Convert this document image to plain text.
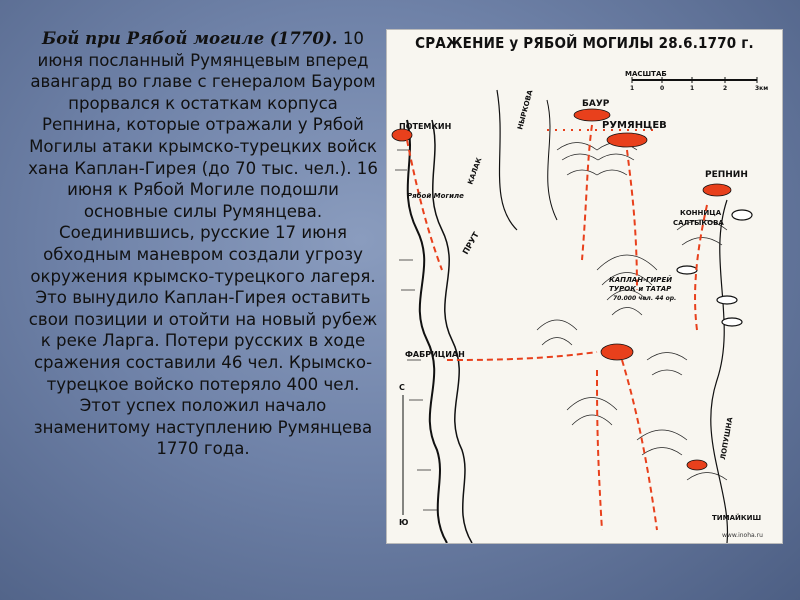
Бой при Рябой могиле (1770). 10 июня посланный Румянцевым вперед авангард во главе с генералом Бауром прорвался к остаткам корпуса Репнина, которые отражали у Рябой Могилы атаки крымско-турецких войск хана Каплан-Гирея (до 70 тыс. чел.). 16 июня к Рябой Могиле подошли основные силы Румянцева. Соединившись, русские 17 июня обходным маневром создали угрозу окружения крымско-турецкого лагеря. Это вынудило Каплан-Гирея оставить свои позиции и отойти на новый рубеж к реке Ларга. Потери русских в ходе сражения составили 46 чел. Крымско-турецкое войско потеряло 400 чел. Этот успех положил начало знаменитому наступлению Румянцева 1770 года.
СРАЖЕНИЕ у РЯБОЙ МОГИЛЫ 28.6.1770 г.
МАСШТАБ
1	0	1	2	3км
БАУР
РУМЯНЦЕВ
ПОТЕМКИН
РЕПНИН
КОННИЦА
САЛТЫКОВА
Рябой Могиле
ПРУТ
КАЛАК
НЫРКОВА
КАПЛАН-ГИРЕЙ
ТУРОК и ТАТАР
70.000 чел. 44 ор.
ФАБРИЦИАН
ЛОПУШНА
ТИМАЙКИШ
С
Ю
www.inoha.ru
